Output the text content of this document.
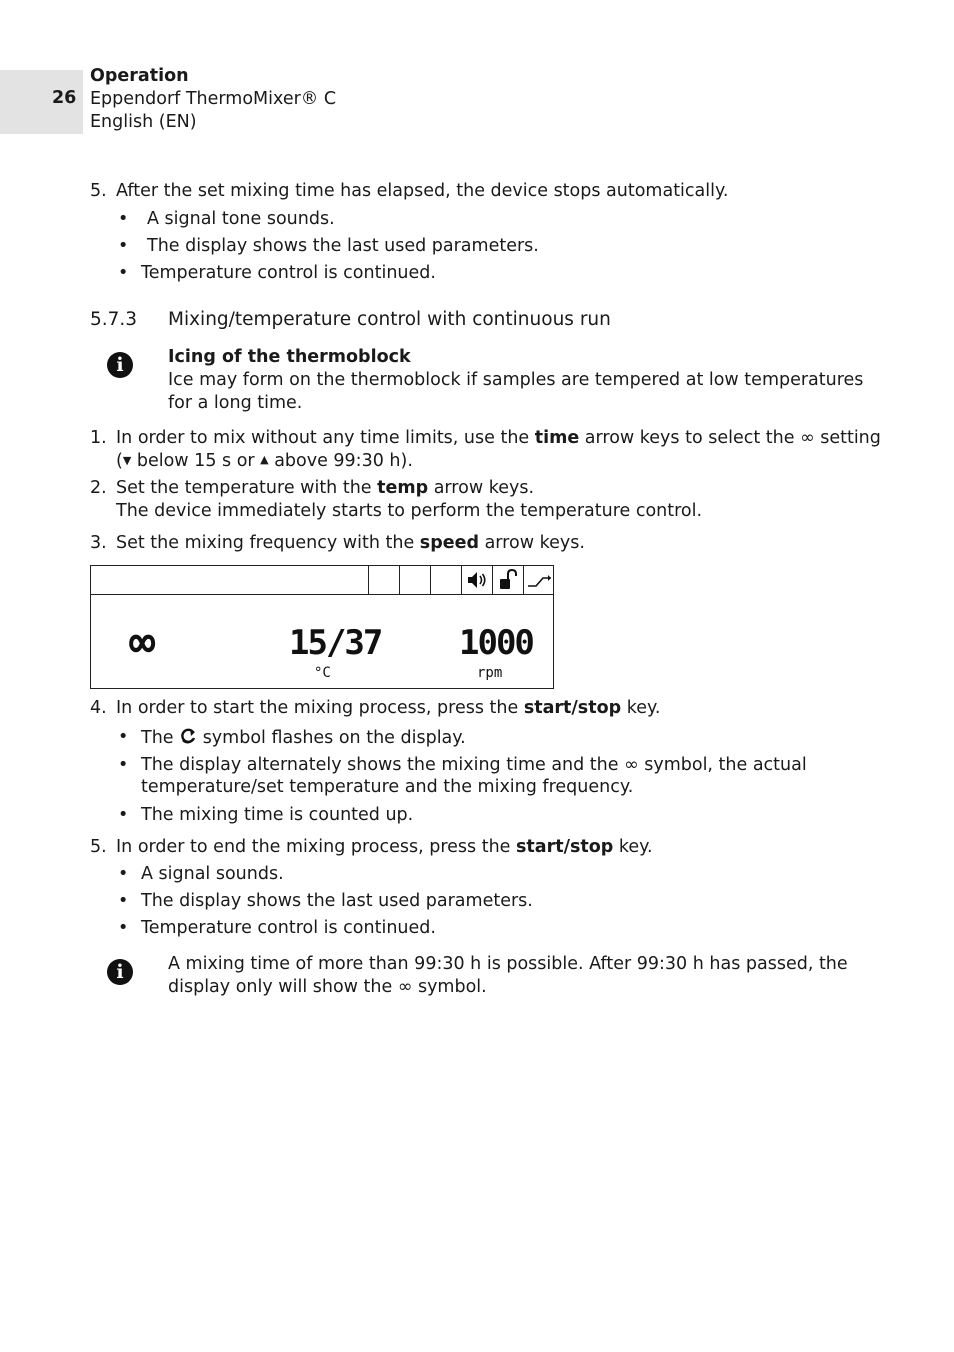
26
Operation
Eppendorf ThermoMixer® C
English (EN)
5. After the set mixing time has elapsed, the device stops automatically.
• A signal tone sounds.
• The display shows the last used parameters.
• Temperature control is continued.
5.7.3 Mixing/temperature control with continuous run
i	Icing of the thermoblock
Ice may form on the thermoblock if samples are tempered at low temperatures
for a long time.
1. In order to mix without any time limits, use the time arrow keys to select the ∞ setting
(▼ below 15 s or ▲ above 99:30 h).
2. Set the temperature with the temp arrow keys.
The device immediately starts to perform the temperature control.
3. Set the mixing frequency with the speed arrow keys.
∞	15/37
°C
1000
rpm
4. In order to start the mixing process, press the start/stop key.
• The  symbol flashes on the display.
• The display alternately shows the mixing time and the ∞ symbol, the actual
temperature/set temperature and the mixing frequency.
• The mixing time is counted up.
5. In order to end the mixing process, press the start/stop key.
• A signal sounds.
• The display shows the last used parameters.
• Temperature control is continued.
i	A mixing time of more than 99:30 h is possible. After 99:30 h has passed, the
display only will show the ∞ symbol.
